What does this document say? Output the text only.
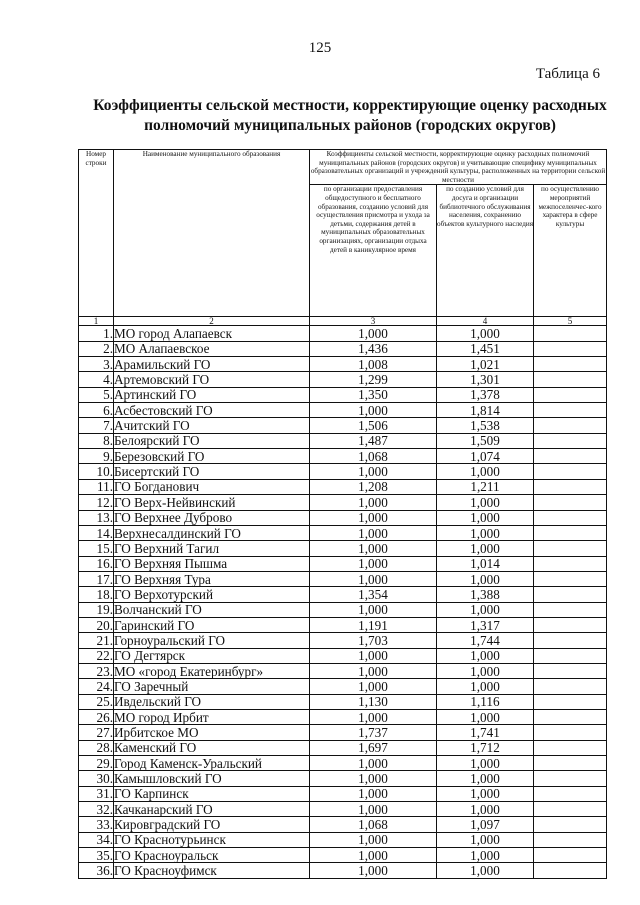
125
Таблица 6
Коэффициенты сельской местности, корректирующие оценку расходных
полномочий муниципальных районов (городских округов)
Номер строки	Наименование муниципального образования	Коэффициенты сельской местности, корректирующие оценку расходных полномочий муниципальных районов (городских округов) и учитывающие специфику муниципальных образовательных организаций и учреждений культуры, расположенных на территории сельской местности		
		по организации предоставления общедоступного и бесплатного образования, созданию условий для осуществления присмотра и ухода за детьми, содержания детей в муниципальных образовательных организациях, организации отдыха детей в каникулярное время	по созданию условий для досуга и организации библиотечного обслуживания населения, сохранению объектов культурного наследия	по осуществлению мероприятий межпоселенчес-кого характера в сфере культуры
1	2	3	4	5
1.	МО город Алапаевск	1,000	1,000	
2.	МО Алапаевское	1,436	1,451	
3.	Арамильский ГО	1,008	1,021	
4.	Артемовский ГО	1,299	1,301	
5.	Артинский ГО	1,350	1,378	
6.	Асбестовский ГО	1,000	1,814	
7.	Ачитский ГО	1,506	1,538	
8.	Белоярский ГО	1,487	1,509	
9.	Березовский ГО	1,068	1,074	
10.	Бисертский ГО	1,000	1,000	
11.	ГО Богданович	1,208	1,211	
12.	ГО Верх-Нейвинский	1,000	1,000	
13.	ГО Верхнее Дуброво	1,000	1,000	
14.	Верхнесалдинский ГО	1,000	1,000	
15.	ГО Верхний Тагил	1,000	1,000	
16.	ГО Верхняя Пышма	1,000	1,014	
17.	ГО Верхняя Тура	1,000	1,000	
18.	ГО Верхотурский	1,354	1,388	
19.	Волчанский ГО	1,000	1,000	
20.	Гаринский ГО	1,191	1,317	
21.	Горноуральский ГО	1,703	1,744	
22.	ГО Дегтярск	1,000	1,000	
23.	МО «город Екатеринбург»	1,000	1,000	
24.	ГО Заречный	1,000	1,000	
25.	Ивдельский ГО	1,130	1,116	
26.	МО город Ирбит	1,000	1,000	
27.	Ирбитское МО	1,737	1,741	
28.	Каменский ГО	1,697	1,712	
29.	Город Каменск-Уральский	1,000	1,000	
30.	Камышловский ГО	1,000	1,000	
31.	ГО Карпинск	1,000	1,000	
32.	Качканарский ГО	1,000	1,000	
33.	Кировградский ГО	1,068	1,097	
34.	ГО Краснотурьинск	1,000	1,000	
35.	ГО Красноуральск	1,000	1,000	
36.	ГО Красноуфимск	1,000	1,000	
